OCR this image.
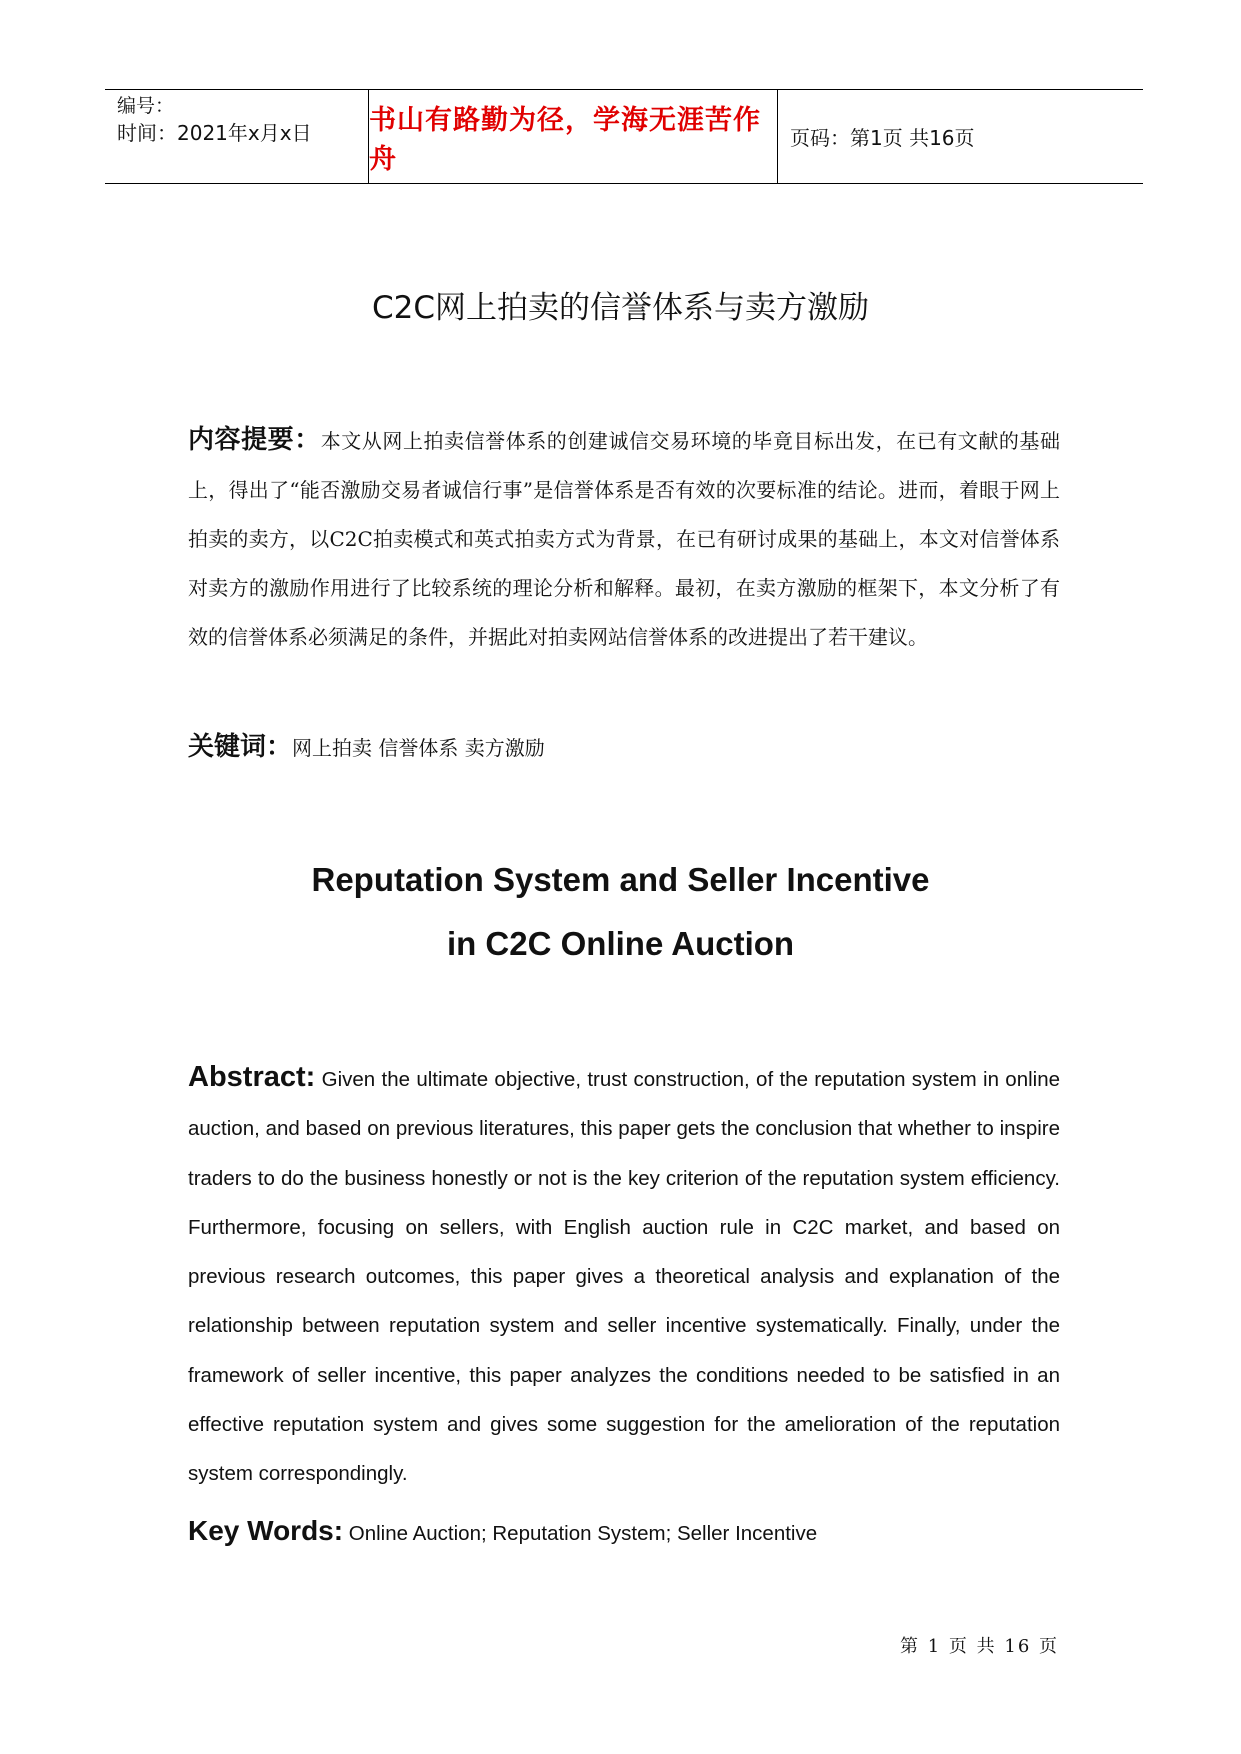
编号：
时间：2021年x月x日 书山有路勤为径，学海无涯苦作舟
页码：第1页 共16页
C2C网上拍卖的信誉体系与卖方激励
内容提要：本文从网上拍卖信誉体系的创建诚信交易环境的毕竟目标出发，在已有文献的基础上，得出了“能否激励交易者诚信行事”是信誉体系是否有效的次要标准的结论。进而，着眼于网上拍卖的卖方，以C2C拍卖模式和英式拍卖方式为背景，在已有研讨成果的基础上，本文对信誉体系对卖方的激励作用进行了比较系统的理论分析和解释。最初，在卖方激励的框架下，本文分析了有效的信誉体系必须满足的条件，并据此对拍卖网站信誉体系的改进提出了若干建议。
关键词：网上拍卖 信誉体系 卖方激励
Reputation System and Seller Incentive
in C2C Online Auction
Abstract: Given the ultimate objective, trust construction, of the reputation system in online auction, and based on previous literatures, this paper gets the conclusion that whether to inspire traders to do the business honestly or not is the key criterion of the reputation system efficiency. Furthermore, focusing on sellers, with English auction rule in C2C market, and based on previous research outcomes, this paper gives a theoretical analysis and explanation of the relationship between reputation system and seller incentive systematically. Finally, under the framework of seller incentive, this paper analyzes the conditions needed to be satisfied in an effective reputation system and gives some suggestion for the amelioration of the reputation system correspondingly.
Key Words: Online Auction; Reputation System; Seller Incentive
第 1 页 共 16 页
